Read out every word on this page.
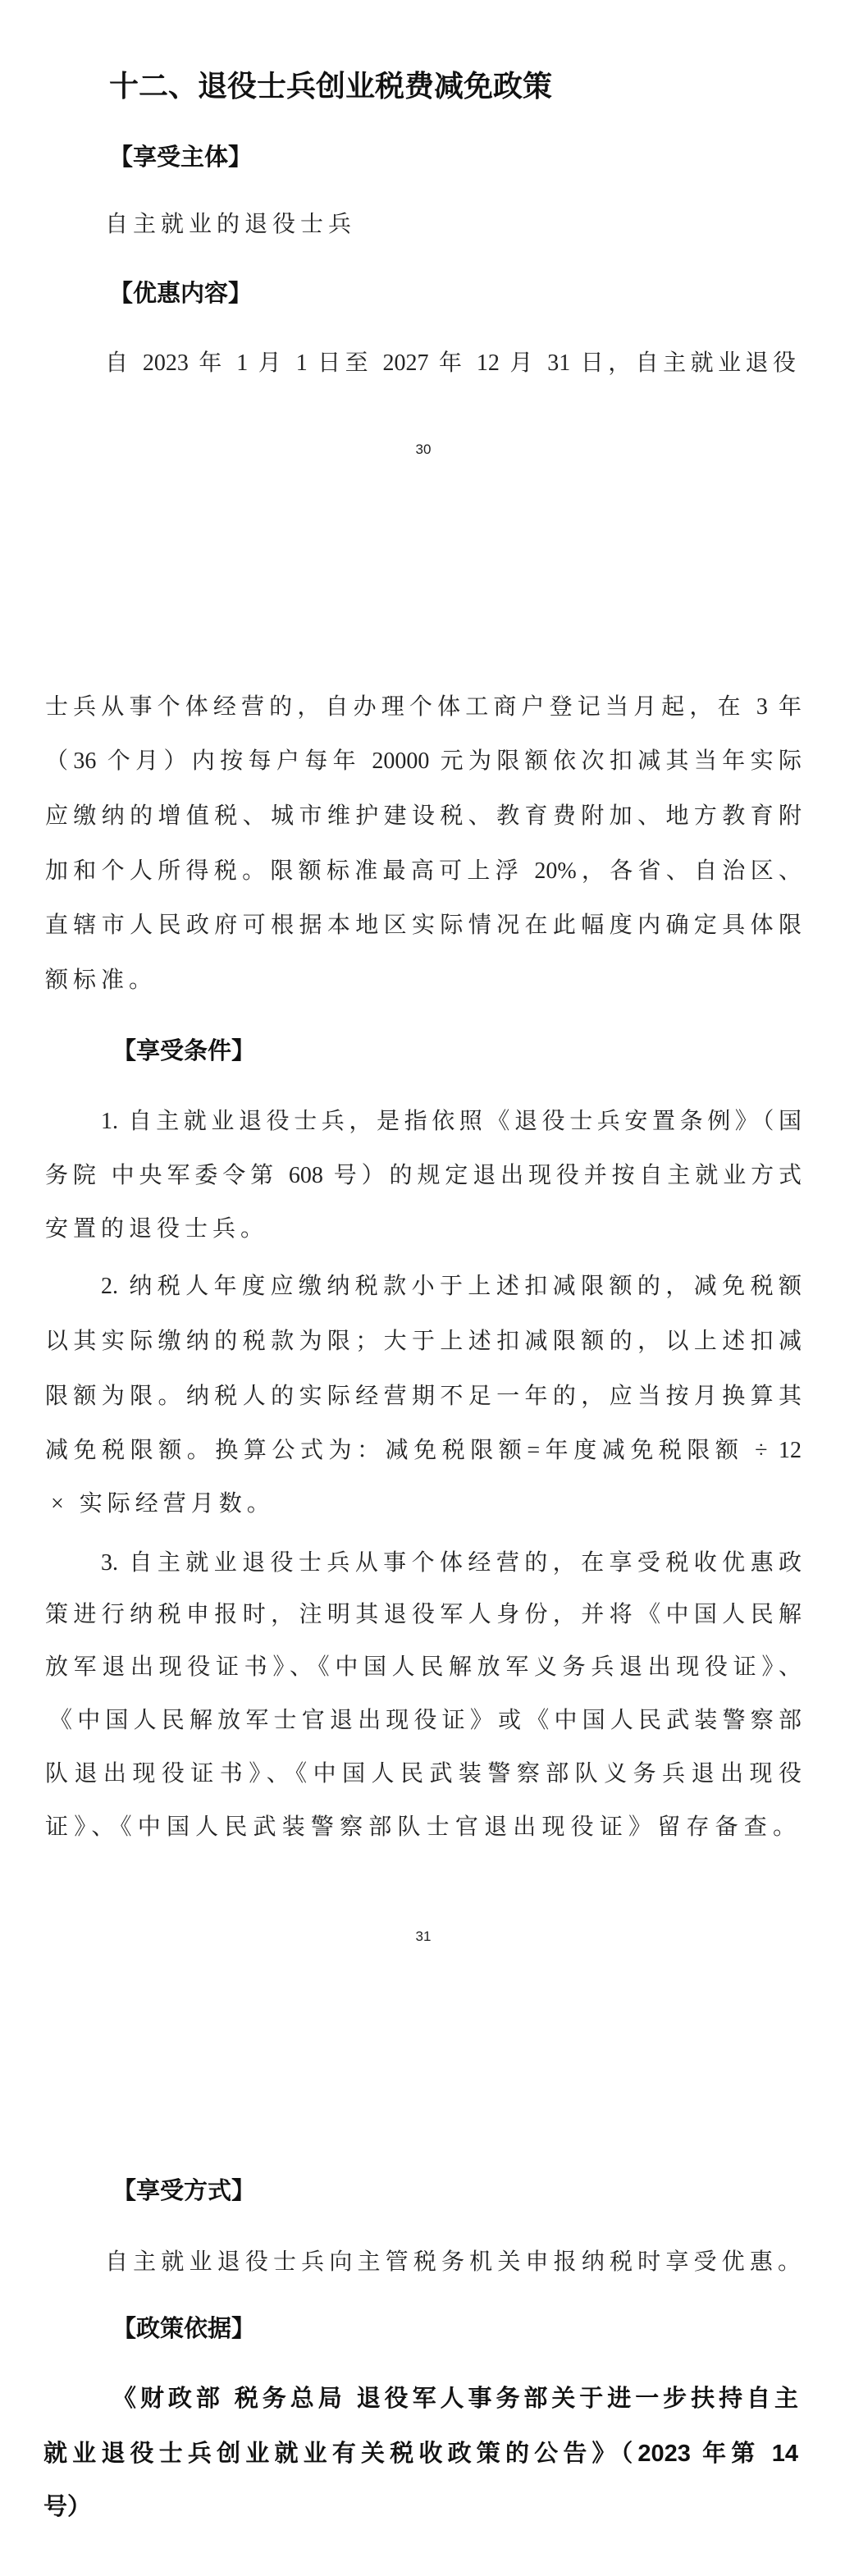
十二、退役士兵创业税费减免政策
【享受主体】
自主就业的退役士兵
【优惠内容】
自 2023 年 1 月 1 日至 2027 年 12 月 31 日，自主就业退役
30
士兵从事个体经营的，自办理个体工商户登记当月起，在 3 年
（36 个月）内按每户每年 20000 元为限额依次扣减其当年实际
应缴纳的增值税、城市维护建设税、教育费附加、地方教育附
加和个人所得税。限额标准最高可上浮 20%，各省、自治区、
直辖市人民政府可根据本地区实际情况在此幅度内确定具体限
额标准。
【享受条件】
1. 自主就业退役士兵，是指依照《退役士兵安置条例》（国
务院 中央军委令第 608 号）的规定退出现役并按自主就业方式
安置的退役士兵。
2. 纳税人年度应缴纳税款小于上述扣减限额的，减免税额
以其实际缴纳的税款为限；大于上述扣减限额的，以上述扣减
限额为限。纳税人的实际经营期不足一年的，应当按月换算其
减免税限额。换算公式为：减免税限额=年度减免税限额 ÷ 12
× 实际经营月数。
3. 自主就业退役士兵从事个体经营的，在享受税收优惠政
策进行纳税申报时，注明其退役军人身份，并将《中国人民解
放军退出现役证书》、《中国人民解放军义务兵退出现役证》、
《中国人民解放军士官退出现役证》或《中国人民武装警察部
队退出现役证书》、《中国人民武装警察部队义务兵退出现役
证》、《中国人民武装警察部队士官退出现役证》留存备查。
31
【享受方式】
自主就业退役士兵向主管税务机关申报纳税时享受优惠。
【政策依据】
《财政部 税务总局 退役军人事务部关于进一步扶持自主
就业退役士兵创业就业有关税收政策的公告》（2023 年第 14
号）
